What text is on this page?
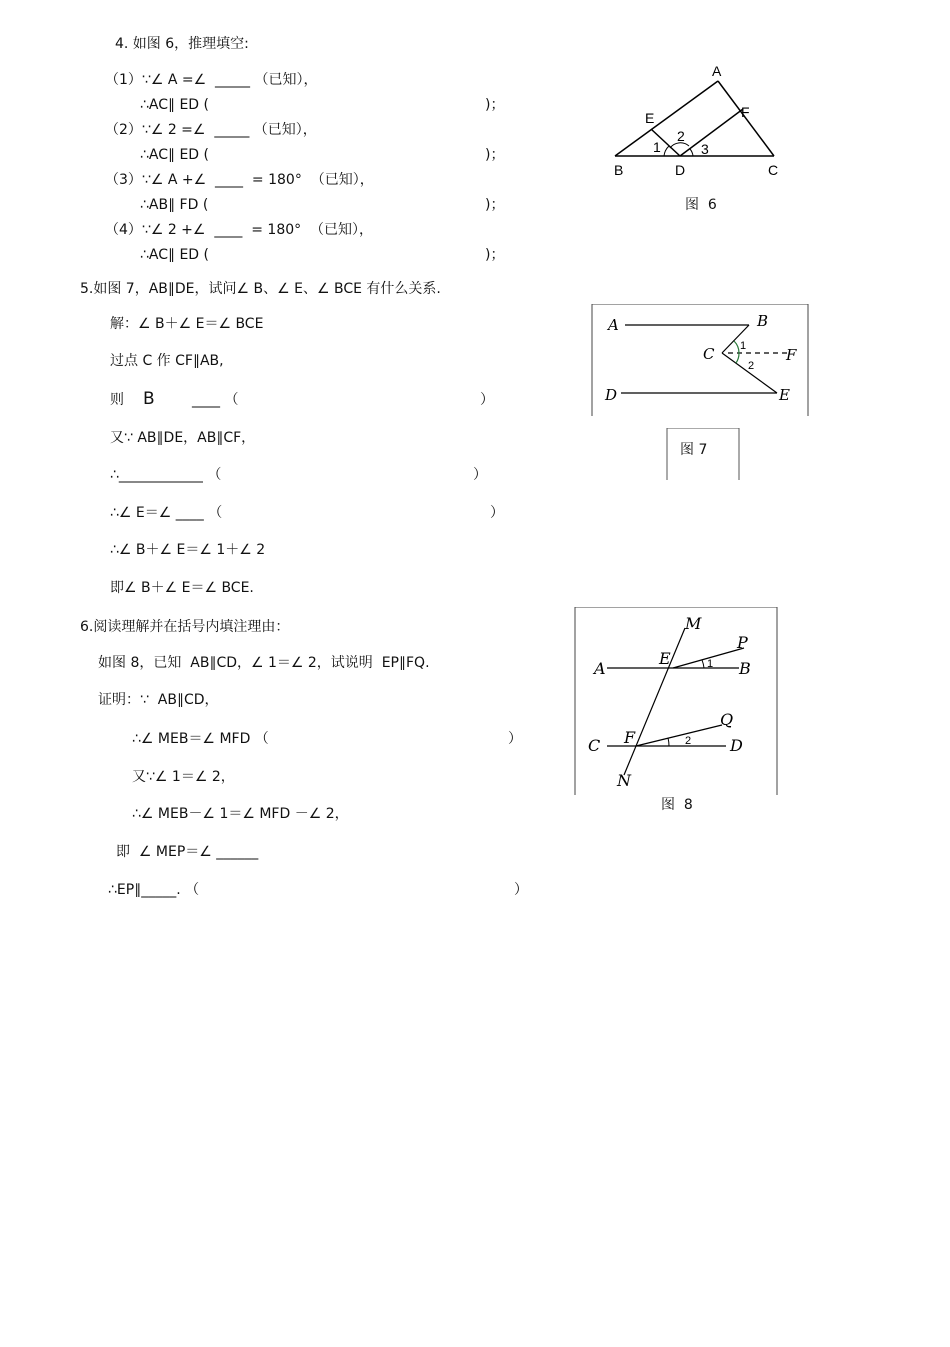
4. 如图 6，推理填空:
（1）∵∠ A =∠  _____ （已知），
∴AC∥ ED (	)；
（2）∵∠ 2 =∠  _____ （已知），
∴AC∥ ED (	)；
（3）∵∠ A +∠  ____  = 180°  （已知），
∴AB∥ FD (	)；
（4）∵∠ 2 +∠  ____  = 180°  （已知），
∴AC∥ ED (	)；
A
B	C
D
E	F
1
2
3
图  6
5.如图 7，AB∥DE，试问∠ B、∠ E、∠ BCE 有什么关系.
解：∠ B＋∠ E＝∠ BCE
过点 C 作 CF∥AB,
则 B	____ （	）
又∵ AB∥DE，AB∥CF，
∴____________ （	）
∴∠ E＝∠ ____ （	）
∴∠ B＋∠ E＝∠ 1＋∠ 2
即∠ B＋∠ E＝∠ BCE.
A	B
C	F
D	E
1
2
图 7
6.阅读理解并在括号内填注理由：
如图 8，已知  AB∥CD，∠ 1＝∠ 2，试说明  EP∥FQ.
证明：∵  AB∥CD，
∴∠ MEB＝∠ MFD （	）
又∵∠ 1＝∠ 2，
∴∠ MEB－∠ 1＝∠ MFD －∠ 2，
即  ∠ MEP＝∠ ______
∴EP∥_____. （	）
M
P
A
E
B
Q
C F	D
N
1
2
图  8
